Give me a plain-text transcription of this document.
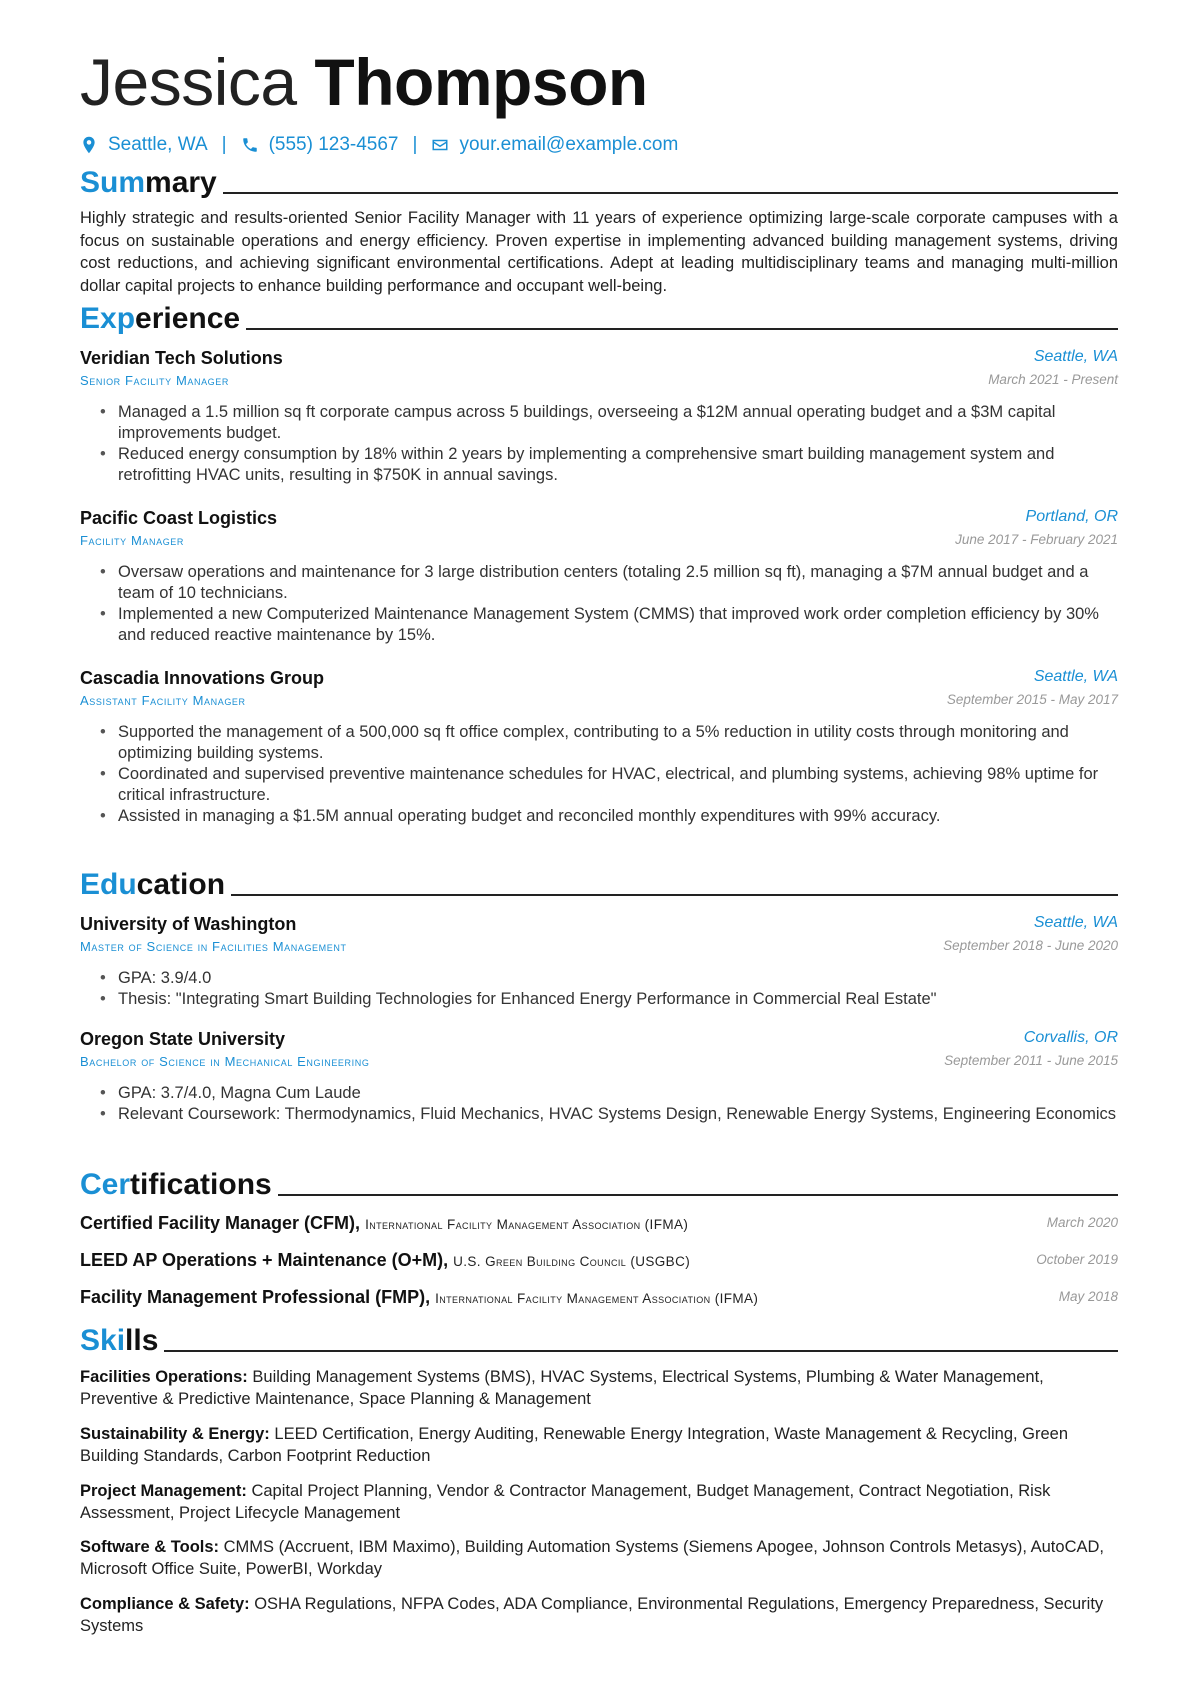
Jessica Thompson
Seattle, WA | (555) 123-4567 | your.email@example.com
Summary
Highly strategic and results-oriented Senior Facility Manager with 11 years of experience optimizing large-scale corporate campuses with a focus on sustainable operations and energy efficiency. Proven expertise in implementing advanced building management systems, driving cost reductions, and achieving significant environmental certifications. Adept at leading multidisciplinary teams and managing multi-million dollar capital projects to enhance building performance and occupant well-being.
Experience
Veridian Tech Solutions	Seattle, WA
Senior Facility Manager	March 2021 - Present
• Managed a 1.5 million sq ft corporate campus across 5 buildings, overseeing a $12M annual operating budget and a $3M capital improvements budget.
• Reduced energy consumption by 18% within 2 years by implementing a comprehensive smart building management system and retrofitting HVAC units, resulting in $750K in annual savings.
Pacific Coast Logistics	Portland, OR
Facility Manager	June 2017 - February 2021
• Oversaw operations and maintenance for 3 large distribution centers (totaling 2.5 million sq ft), managing a $7M annual budget and a team of 10 technicians.
• Implemented a new Computerized Maintenance Management System (CMMS) that improved work order completion efficiency by 30% and reduced reactive maintenance by 15%.
Cascadia Innovations Group	Seattle, WA
Assistant Facility Manager	September 2015 - May 2017
• Supported the management of a 500,000 sq ft office complex, contributing to a 5% reduction in utility costs through monitoring and optimizing building systems.
• Coordinated and supervised preventive maintenance schedules for HVAC, electrical, and plumbing systems, achieving 98% uptime for critical infrastructure.
• Assisted in managing a $1.5M annual operating budget and reconciled monthly expenditures with 99% accuracy.
Education
University of Washington	Seattle, WA
Master of Science in Facilities Management	September 2018 - June 2020
• GPA: 3.9/4.0
• Thesis: "Integrating Smart Building Technologies for Enhanced Energy Performance in Commercial Real Estate"
Oregon State University	Corvallis, OR
Bachelor of Science in Mechanical Engineering	September 2011 - June 2015
• GPA: 3.7/4.0, Magna Cum Laude
• Relevant Coursework: Thermodynamics, Fluid Mechanics, HVAC Systems Design, Renewable Energy Systems, Engineering Economics
Certifications
Certified Facility Manager (CFM), International Facility Management Association (IFMA)	March 2020
LEED AP Operations + Maintenance (O+M), U.S. Green Building Council (USGBC)	October 2019
Facility Management Professional (FMP), International Facility Management Association (IFMA)	May 2018
Skills
Facilities Operations: Building Management Systems (BMS), HVAC Systems, Electrical Systems, Plumbing & Water Management, Preventive & Predictive Maintenance, Space Planning & Management
Sustainability & Energy: LEED Certification, Energy Auditing, Renewable Energy Integration, Waste Management & Recycling, Green Building Standards, Carbon Footprint Reduction
Project Management: Capital Project Planning, Vendor & Contractor Management, Budget Management, Contract Negotiation, Risk Assessment, Project Lifecycle Management
Software & Tools: CMMS (Accruent, IBM Maximo), Building Automation Systems (Siemens Apogee, Johnson Controls Metasys), AutoCAD, Microsoft Office Suite, PowerBI, Workday
Compliance & Safety: OSHA Regulations, NFPA Codes, ADA Compliance, Environmental Regulations, Emergency Preparedness, Security Systems
